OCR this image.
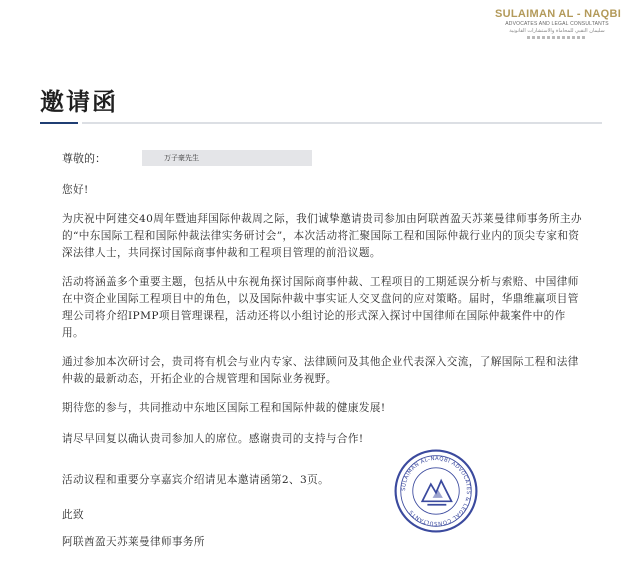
SULAIMAN AL - NAQBI
ADVOCATES AND LEGAL CONSULTANTS
سليمان النقبي للمحاماة والاستشارات القانونية
邀请函
尊敬的：	万子豪先生

您好!

为庆祝中阿建交40周年暨迪拜国际仲裁周之际，我们诚挚邀请贵司参加由阿联酋盈天苏莱曼律师事务所主办的“中东国际工程和国际仲裁法律实务研讨会”，本次活动将汇聚国际工程和国际仲裁行业内的顶尖专家和资深法律人士，共同探讨国际商事仲裁和工程项目管理的前沿议题。

活动将涵盖多个重要主题，包括从中东视角探讨国际商事仲裁、工程项目的工期延误分析与索赔、中国律师在中资企业国际工程项目中的角色，以及国际仲裁中事实证人交叉盘问的应对策略。届时，华鼎维赢项目管理公司将介绍IPMP项目管理课程，活动还将以小组讨论的形式深入探讨中国律师在国际仲裁案件中的作用。

通过参加本次研讨会，贵司将有机会与业内专家、法律顾问及其他企业代表深入交流，了解国际工程和法律仲裁的最新动态，开拓企业的合规管理和国际业务视野。

期待您的参与，共同推动中东地区国际工程和国际仲裁的健康发展!

请尽早回复以确认贵司参加人的席位。感谢贵司的支持与合作!

活动议程和重要分享嘉宾介绍请见本邀请函第2、3页。

此致

阿联酋盈天苏莱曼律师事务所

SULAIMAN AL-NAQBI ADVOCATES & LEGAL CONSULTANTS
